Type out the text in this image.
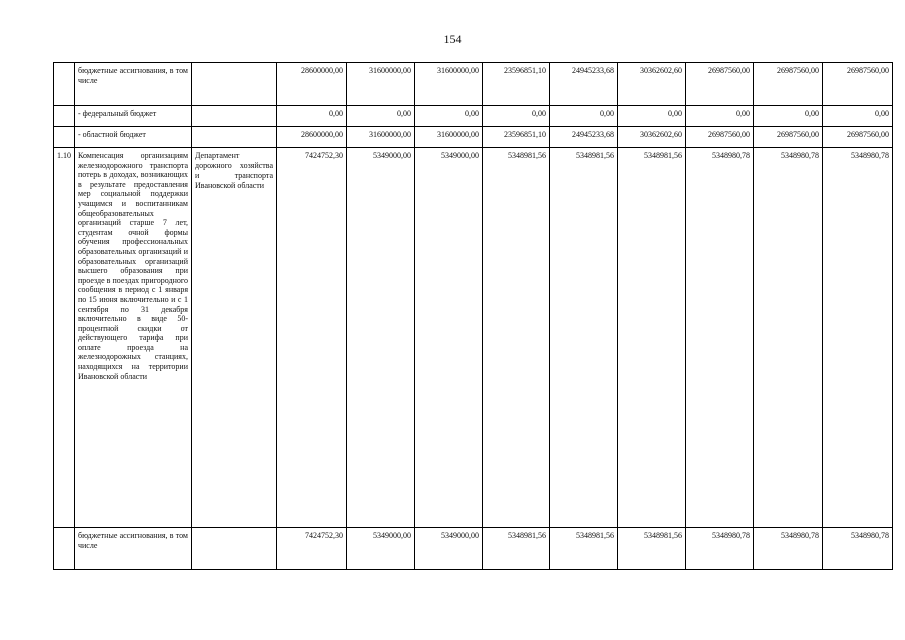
154
	бюджетные ассигнования, в том числе		28600000,00	31600000,00	31600000,00	23596851,10	24945233,68	30362602,60	26987560,00	26987560,00	26987560,00
	- федеральный бюджет		0,00	0,00	0,00	0,00	0,00	0,00	0,00	0,00	0,00
	- областной бюджет		28600000,00	31600000,00	31600000,00	23596851,10	24945233,68	30362602,60	26987560,00	26987560,00	26987560,00
1.10	Компенсация организациям железнодорожного транспорта потерь в доходах, возникающих в результате предоставления мер социальной поддержки учащимся и воспитанникам общеобразовательных организаций старше 7 лет, студентам очной формы обучения профессиональных образовательных организаций и образовательных организаций высшего образования при проезде в поездах пригородного сообщения в период с 1 января по 15 июня включительно и с 1 сентября по 31 декабря включительно в виде 50-процентной скидки от действующего тарифа при оплате проезда на железнодорожных станциях, находящихся на территории Ивановской области	Департамент дорожного хозяйства и транспорта Ивановской области	7424752,30	5349000,00	5349000,00	5348981,56	5348981,56	5348981,56	5348980,78	5348980,78	5348980,78
	бюджетные ассигнования, в том числе		7424752,30	5349000,00	5349000,00	5348981,56	5348981,56	5348981,56	5348980,78	5348980,78	5348980,78
